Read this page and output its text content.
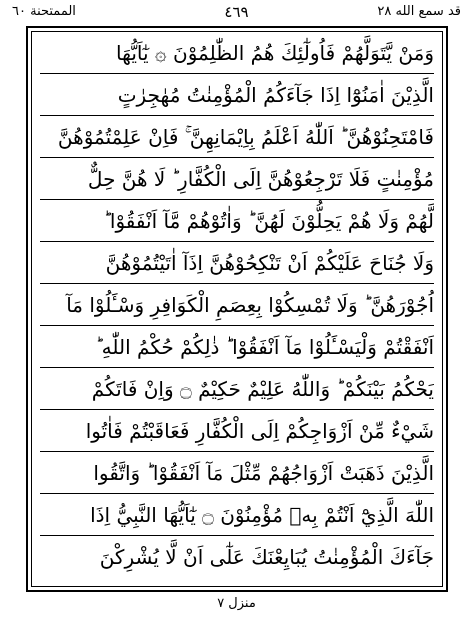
قد سمع الله ٢٨
٤٦٩
الممتحنة ٦٠
وَمَنْ يَّتَوَلَّهُمْ فَاُولٰٓئِكَ هُمُ الظّٰلِمُوْنَ ۞ يٰٓاَيُّهَا
الَّذِيْنَ اٰمَنُوْٓا اِذَا جَآءَكُمُ الْمُؤْمِنٰتُ مُهٰجِرٰتٍ
فَامْتَحِنُوْهُنَّ ؕ اَللّٰهُ اَعْلَمُ بِاِيْمَانِهِنَّ ۚ فَاِنْ عَلِمْتُمُوْهُنَّ
مُؤْمِنٰتٍ فَلَا تَرْجِعُوْهُنَّ اِلَى الْكُفَّارِ ؕ لَا هُنَّ حِلٌّ
لَّهُمْ وَلَا هُمْ يَحِلُّوْنَ لَهُنَّ ؕ وَاٰتُوْهُمْ مَّآ اَنْفَقُوْا ؕ
وَلَا جُنَاحَ عَلَيْكُمْ اَنْ تَنْكِحُوْهُنَّ اِذَآ اٰتَيْتُمُوْهُنَّ
اُجُوْرَهُنَّ ؕ وَلَا تُمْسِكُوْا بِعِصَمِ الْكَوَافِرِ وَسْـَٔلُوْا مَآ
اَنْفَقْتُمْ وَلْيَسْـَٔلُوْا مَآ اَنْفَقُوْا ؕ ذٰلِكُمْ حُكْمُ اللّٰهِ ؕ
يَحْكُمُ بَيْنَكُمْ ؕ وَاللّٰهُ عَلِيْمٌ حَكِيْمٌ ۝ وَاِنْ فَاتَكُمْ
شَيْءٌ مِّنْ اَزْوَاجِكُمْ اِلَى الْكُفَّارِ فَعَاقَبْتُمْ فَاٰتُوا
الَّذِيْنَ ذَهَبَتْ اَزْوَاجُهُمْ مِّثْلَ مَآ اَنْفَقُوْا ؕ وَاتَّقُوا
اللّٰهَ الَّذِيْٓ اَنْتُمْ بِهٖ مُؤْمِنُوْنَ ۝ يٰٓاَيُّهَا النَّبِيُّ اِذَا
جَآءَكَ الْمُؤْمِنٰتُ يُبَايِعْنَكَ عَلٰٓى اَنْ لَّا يُشْرِكْنَ
منزل ٧
